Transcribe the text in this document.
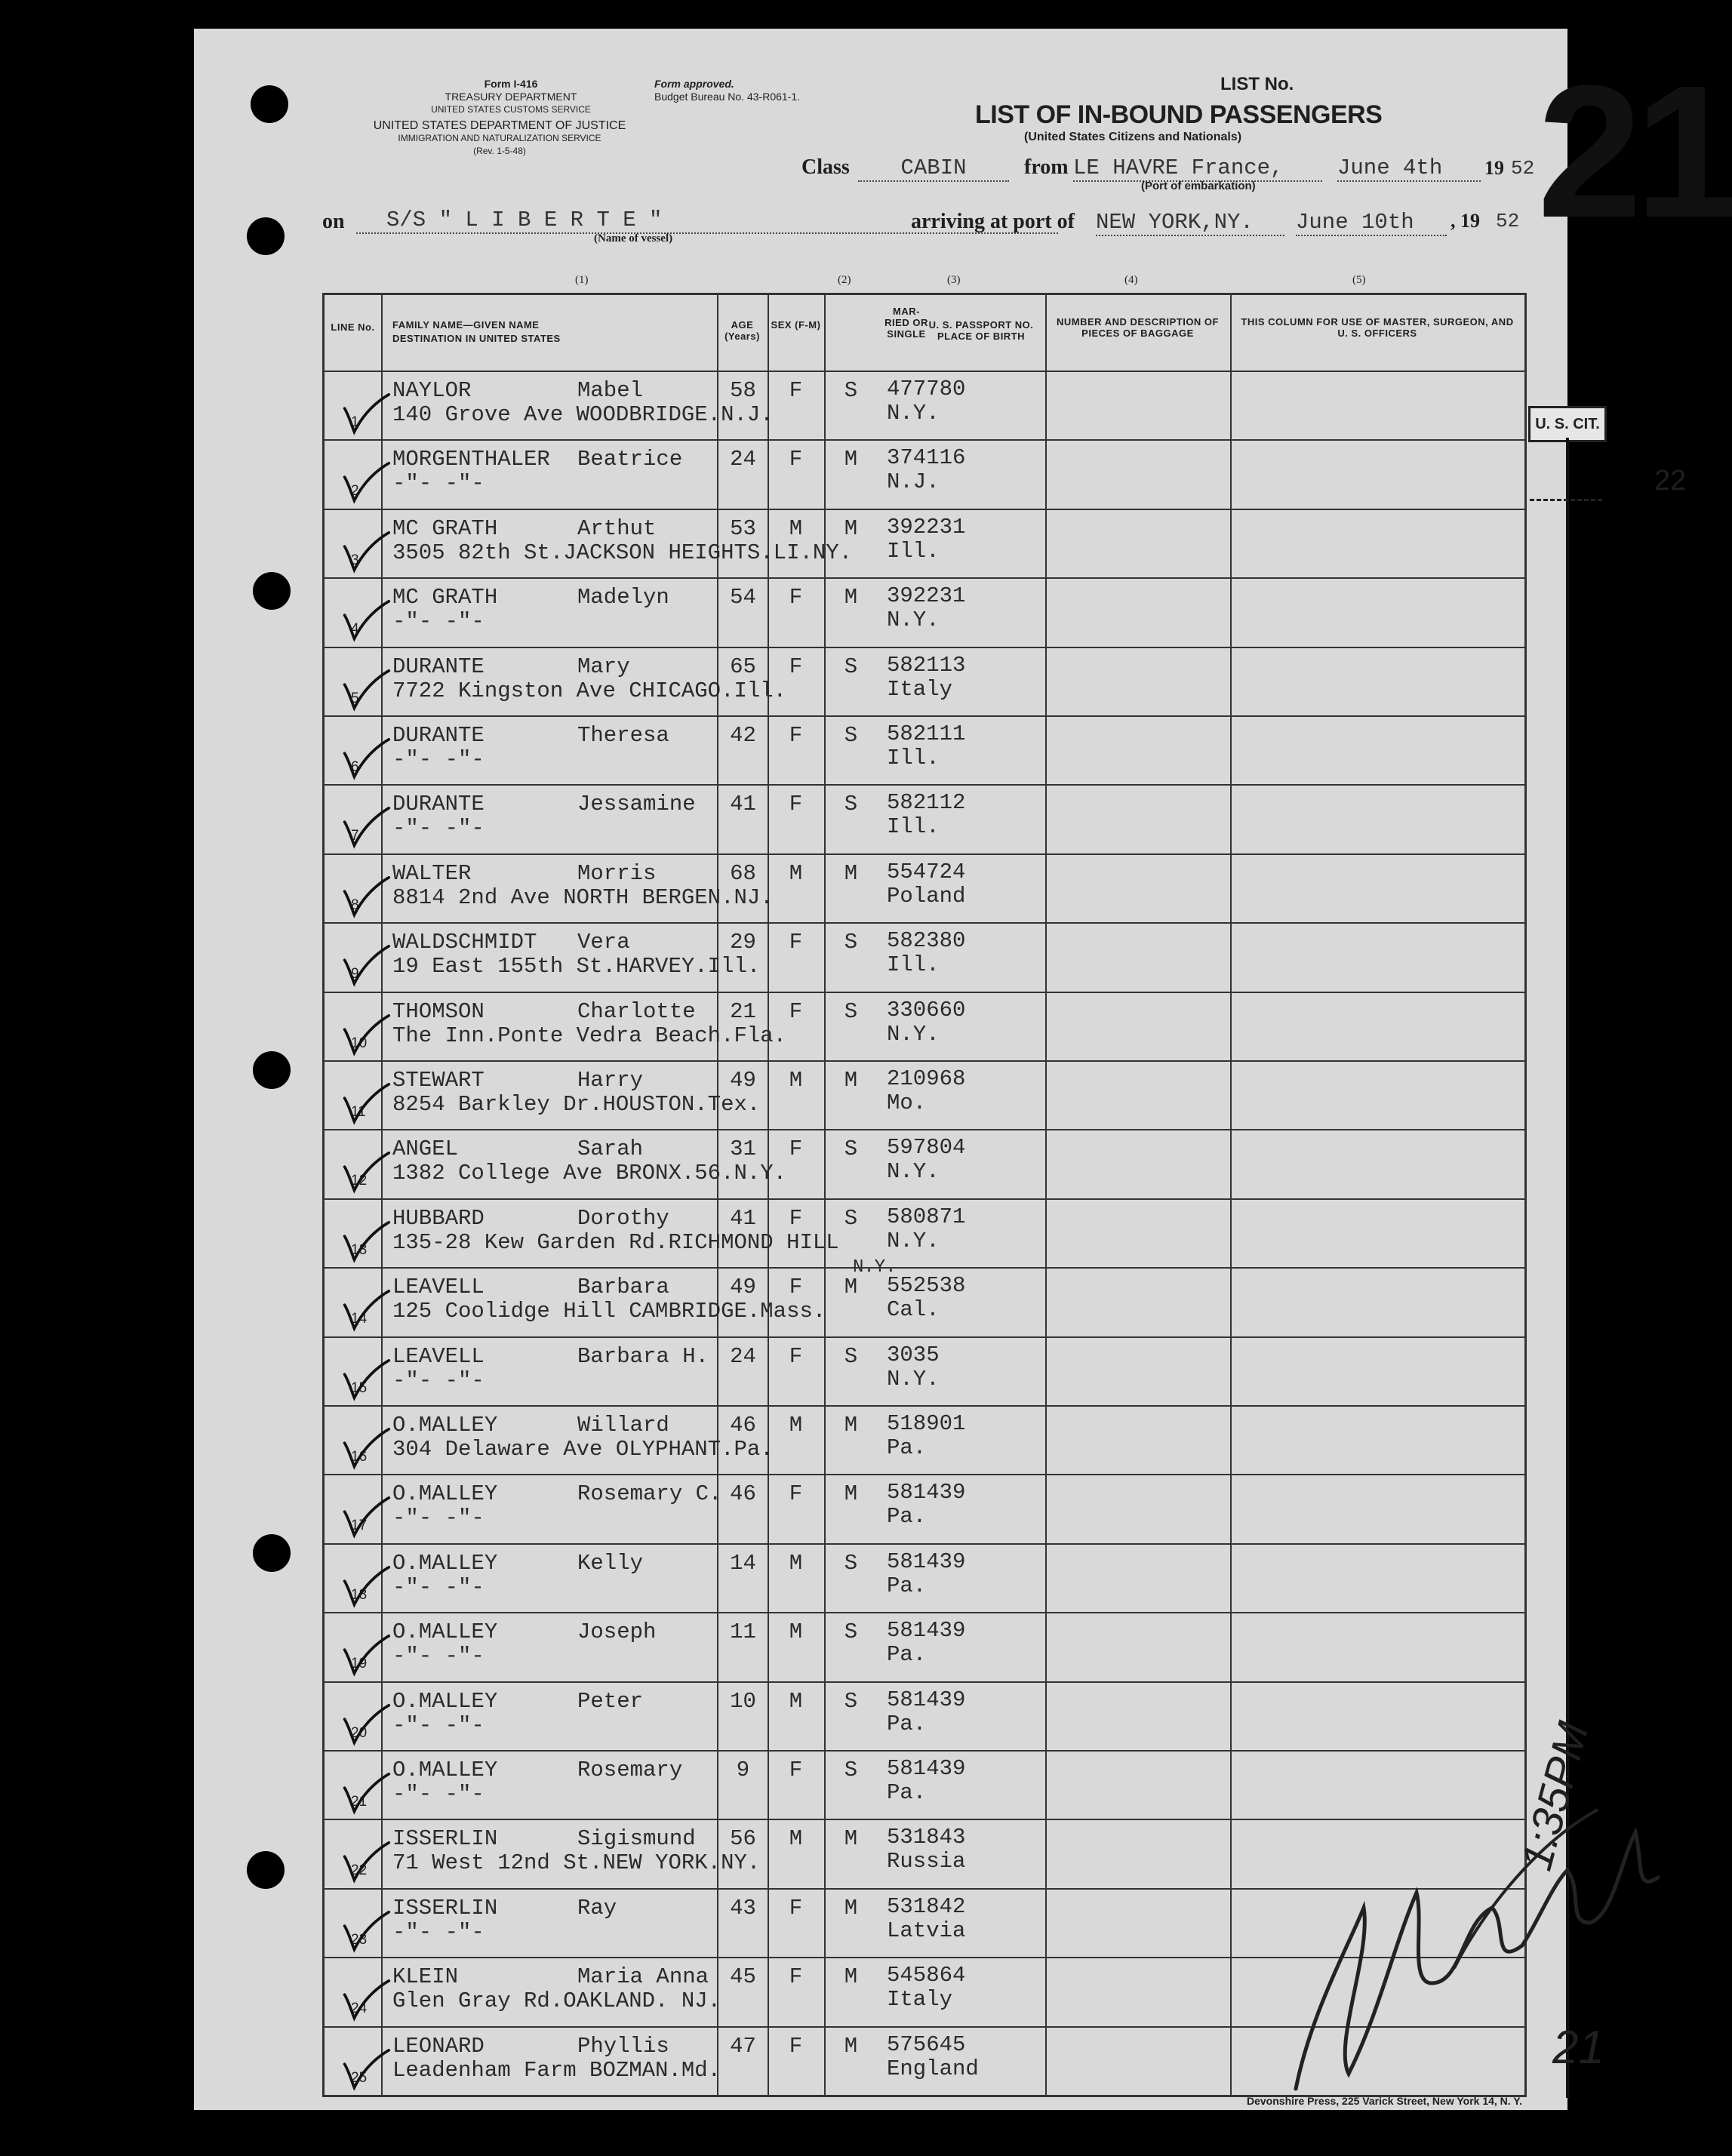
Form I-416
TREASURY DEPARTMENT
UNITED STATES CUSTOMS SERVICE
UNITED STATES DEPARTMENT OF JUSTICE
IMMIGRATION AND NATURALIZATION SERVICE
(Rev. 1-5-48)
Form approved.
Budget Bureau No. 43-R061-1.
LIST No.
LIST OF IN-BOUND PASSENGERS
(United States Citizens and Nationals) 21
Class	CABIN	from LE HAVRE France,	June 4th	19 52
(Port of embarkation)
on	S/S " L I B E R T E "
(Name of vessel)
arriving at port of NEW YORK,NY.	June 10th	, 19 52
(1)	(2)	(3)	(4)	(5)
LINE No. FAMILY NAME—GIVEN NAME
DESTINATION IN UNITED STATES
AGE (Years)
SEX (F-M)
MAR-RIED OR SINGLE
U. S. PASSPORT NO. PLACE OF BIRTH
NUMBER AND DESCRIPTION OF PIECES OF BAGGAGE
THIS COLUMN FOR USE OF MASTER, SURGEON, AND U. S. OFFICERS
1
NAYLOR	Mabel
140 Grove Ave WOODBRIDGE.N.J.
58	F	S	477780
N.Y.
2
MORGENTHALER Beatrice
-"- -"-
24	F	M	374116
N.J.
3
MC GRATH	Arthut
3505 82th St.JACKSON HEIGHTS.LI.NY.
53	M	M	392231
Ill.
4
MC GRATH	Madelyn
-"- -"-
54	F	M	392231
N.Y.
5
DURANTE	Mary
7722 Kingston Ave CHICAGO.Ill.
65	F	S	582113
Italy
6
DURANTE	Theresa
-"- -"-
42	F	S	582111
Ill.
7
DURANTE	Jessamine
-"- -"-
41	F	S	582112
Ill.
8
WALTER	Morris
8814 2nd Ave NORTH BERGEN.NJ.
68	M	M	554724
Poland
9
WALDSCHMIDT Vera
19 East 155th St.HARVEY.Ill.
29	F	S	582380
Ill.
10
THOMSON	Charlotte
The Inn.Ponte Vedra Beach.Fla.
21	F	S	330660
N.Y.
11
STEWART	Harry
8254 Barkley Dr.HOUSTON.Tex.
49	M	M	210968
Mo.
12
ANGEL	Sarah
1382 College Ave BRONX.56.N.Y.
31	F	S	597804
N.Y.
13
HUBBARD	Dorothy
135-28 Kew Garden Rd.RICHMOND HILL
N.Y.
41	F	S	580871
N.Y.
14
LEAVELL	Barbara
125 Coolidge Hill CAMBRIDGE.Mass.
49	F	M	552538
Cal.
15
LEAVELL	Barbara H.
-"- -"-
24	F	S	3035
N.Y.
16
O.MALLEY	Willard
304 Delaware Ave OLYPHANT.Pa.
46	M	M	518901
Pa.
17
O.MALLEY	Rosemary C.
-"- -"-
46	F	M	581439
Pa.
18
O.MALLEY	Kelly
-"- -"-
14	M	S	581439
Pa.
19
O.MALLEY	Joseph
-"- -"-
11	M	S	581439
Pa.
20
O.MALLEY	Peter
-"- -"-
10	M	S	581439
Pa.
21
O.MALLEY	Rosemary
-"- -"-
9	F	S	581439
Pa.
22
ISSERLIN	Sigismund
71 West 12nd St.NEW YORK.NY.
56	M	M	531843
Russia
23
ISSERLIN	Ray
-"- -"-
43	F	M	531842
Latvia
24
KLEIN	Maria Anna
Glen Gray Rd.OAKLAND. NJ.
45	F	M	545864
Italy
25
LEONARD	Phyllis
Leadenham Farm BOZMAN.Md.
47	F	M	575645
England
U. S. CIT.
22
1:35PM
21
Devonshire Press, 225 Varick Street, New York 14, N. Y.
